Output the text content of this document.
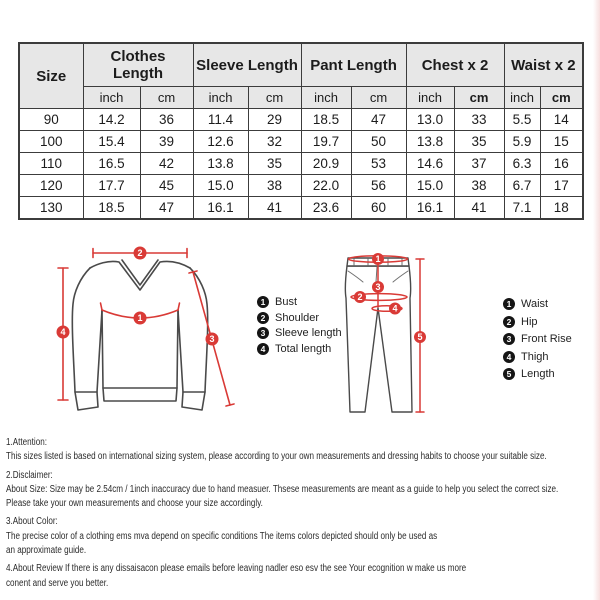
Size	Clothes Length		Sleeve Length		Pant Length		Chest x 2		Waist x 2	
	inch	cm	inch	cm	inch	cm	inch	cm	inch	cm
90	14.2	36	11.4	29	18.5	47	13.0	33	5.5	14
100	15.4	39	12.6	32	19.7	50	13.8	35	5.9	15
110	16.5	42	13.8	35	20.9	53	14.6	37	6.3	16
120	17.7	45	15.0	38	22.0	56	15.0	38	6.7	17
130	18.5	47	16.1	41	23.6	60	16.1	41	7.1	18
2
4
1
3
1 Bust
2 Shoulder
3 Sleeve length
4 Total length
1
3
2
4
5
1 Waist
2 Hip
3 Front Rise
4 Thigh
5 Length
1.Attention:
This sizes listed is based on international sizing system, please according to your own measurements and dressing habits to choose your suitable size.
2.Disclaimer:
About Size: Size may be 2.54cm / 1inch inaccuracy due to hand measuer. Thsese measurements are meant as a guide to help you select the correct size.
Please take your own measurements and choose your size accordingly.
3.About Color:
The precise color of a clothing ems mva depend on specific conditions The items colors depicted should only be used as
an approximate guide.
4.About Review If there is any dissaisacon please emails before leaving nadler eso esv the see Your ecognition w make us more
conent and serve you better.
